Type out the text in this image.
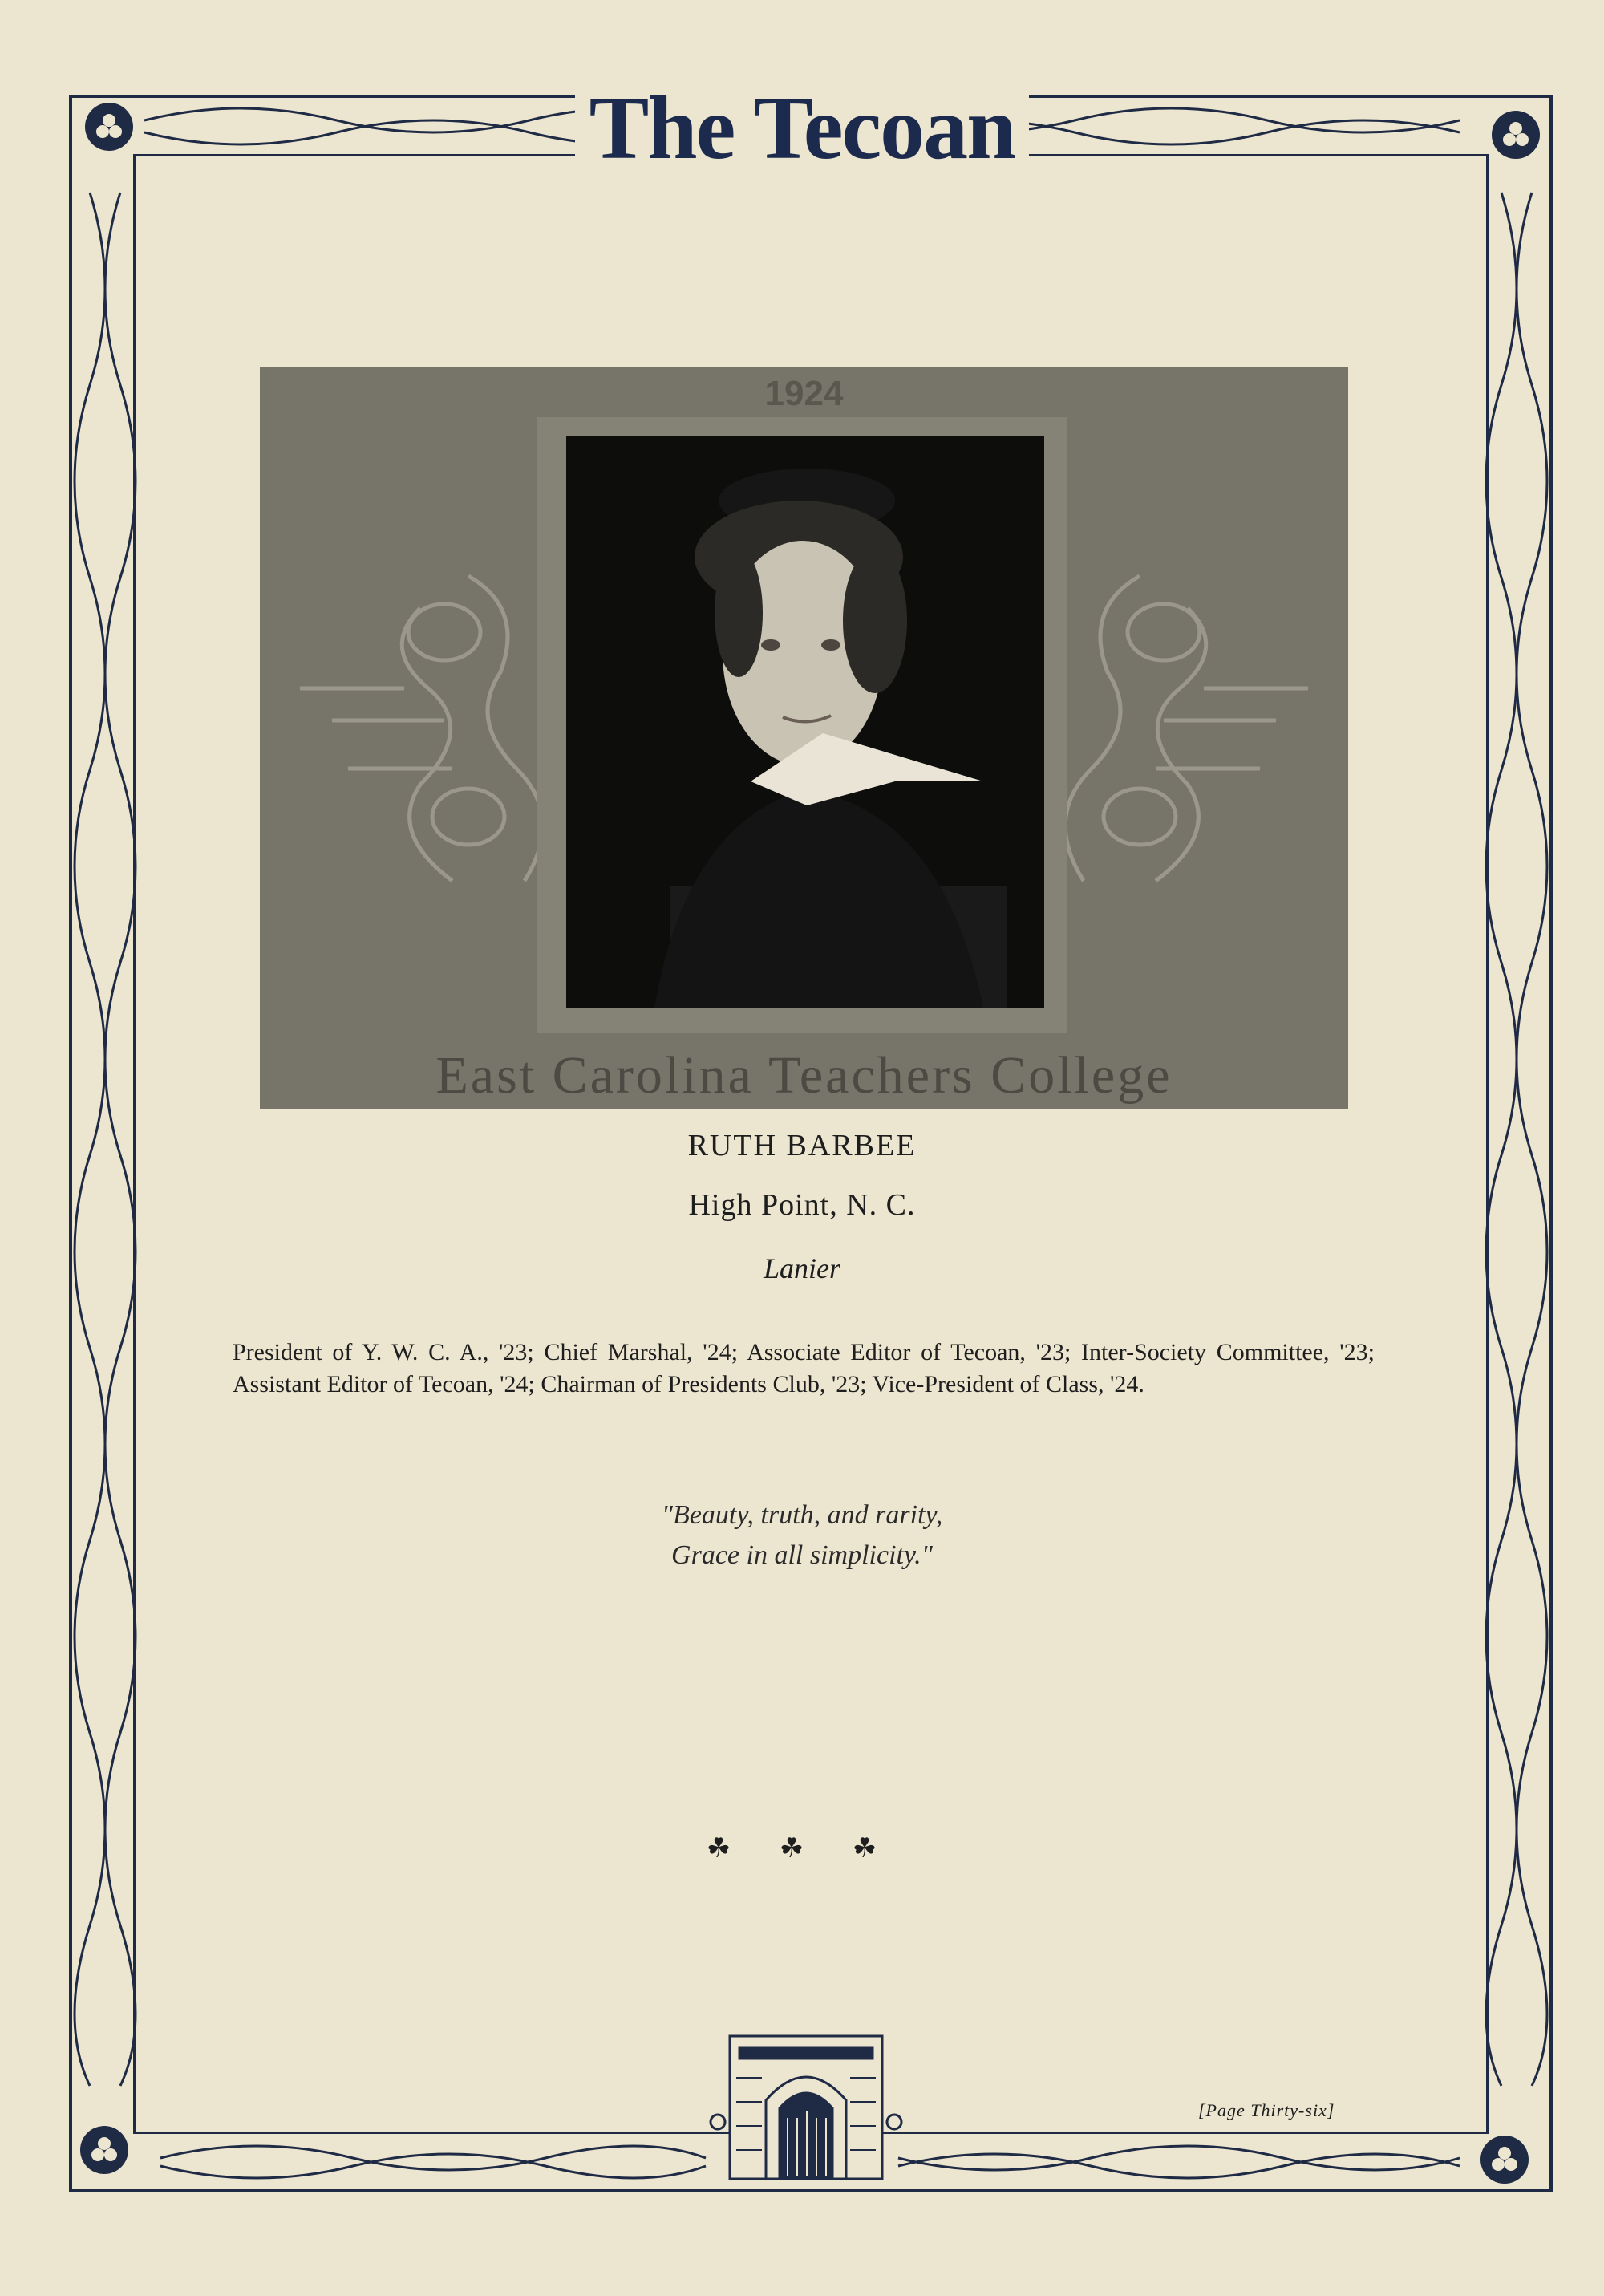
The Tecoan
1924
East Carolina Teachers College
RUTH BARBEE
High Point, N. C.
Lanier
President of Y. W. C. A., '23; Chief Marshal, '24; Associate Editor of Tecoan, '23; Inter-Society Committee, '23; Assistant Editor of Tecoan, '24; Chairman of Presidents Club, '23; Vice-President of Class, '24.
"Beauty, truth, and rarity,
Grace in all simplicity."
☘ ☘ ☘
[Page Thirty-six]
